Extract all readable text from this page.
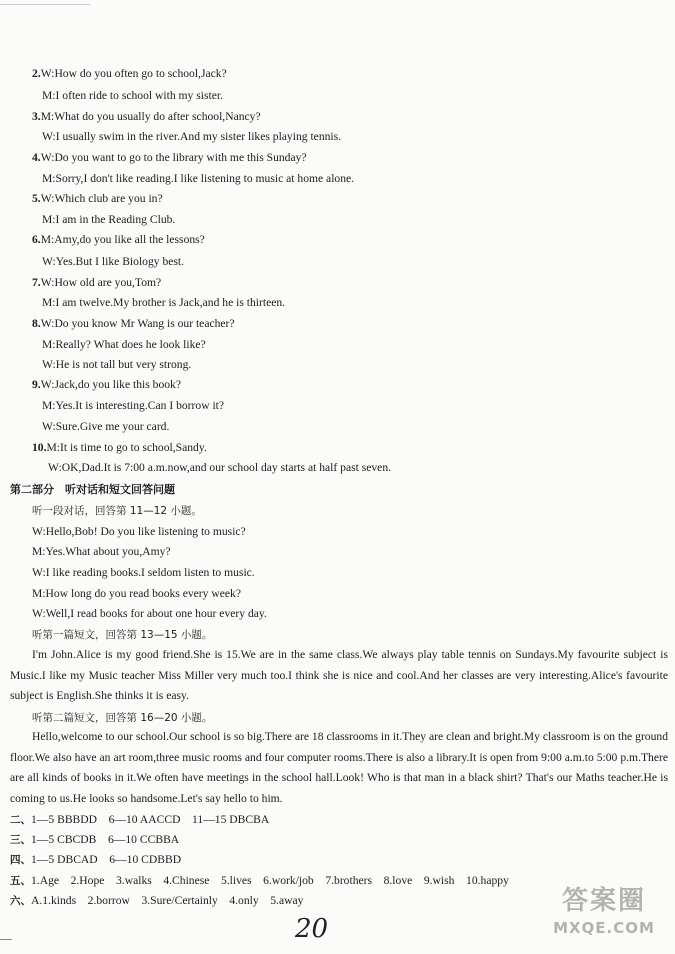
2.W:How do you often go to school,Jack?
M:I often ride to school with my sister.
3.M:What do you usually do after school,Nancy?
W:I usually swim in the river.And my sister likes playing tennis.
4.W:Do you want to go to the library with me this Sunday?
M:Sorry,I don't like reading.I like listening to music at home alone.
5.W:Which club are you in?
M:I am in the Reading Club.
6.M:Amy,do you like all the lessons?
W:Yes.But I like Biology best.
7.W:How old are you,Tom?
M:I am twelve.My brother is Jack,and he is thirteen.
8.W:Do you know Mr Wang is our teacher?
M:Really? What does he look like?
W:He is not tall but very strong.
9.W:Jack,do you like this book?
M:Yes.It is interesting.Can I borrow it?
W:Sure.Give me your card.
10.M:It is time to go to school,Sandy.
W:OK,Dad.It is 7:00 a.m.now,and our school day starts at half past seven.
第二部分　听对话和短文回答问题
听一段对话，回答第 11—12 小题。
W:Hello,Bob! Do you like listening to music?
M:Yes.What about you,Amy?
W:I like reading books.I seldom listen to music.
M:How long do you read books every week?
W:Well,I read books for about one hour every day.
听第一篇短文，回答第 13—15 小题。
I'm John.Alice is my good friend.She is 15.We are in the same class.We always play table tennis on Sundays.My favourite subject is Music.I like my Music teacher Miss Miller very much too.I think she is nice and cool.And her classes are very interesting.Alice's favourite subject is English.She thinks it is easy.
听第二篇短文，回答第 16—20 小题。
Hello,welcome to our school.Our school is so big.There are 18 classrooms in it.They are clean and bright.My classroom is on the ground floor.We also have an art room,three music rooms and four computer rooms.There is also a library.It is open from 9:00 a.m.to 5:00 p.m.There are all kinds of books in it.We often have meetings in the school hall.Look! Who is that man in a black shirt? That's our Maths teacher.He is coming to us.He looks so handsome.Let's say hello to him.
二、1—5 BBBDD　6—10 AACCD　11—15 DBCBA
三、1—5 CBCDB　6—10 CCBBA
四、1—5 DBCAD　6—10 CDBBD
五、1.Age　2.Hope　3.walks　4.Chinese　5.lives　6.work/job　7.brothers　8.love　9.wish　10.happy
六、A.1.kinds　2.borrow　3.Sure/Certainly　4.only　5.away
20
答案圈
MXQE.COM
